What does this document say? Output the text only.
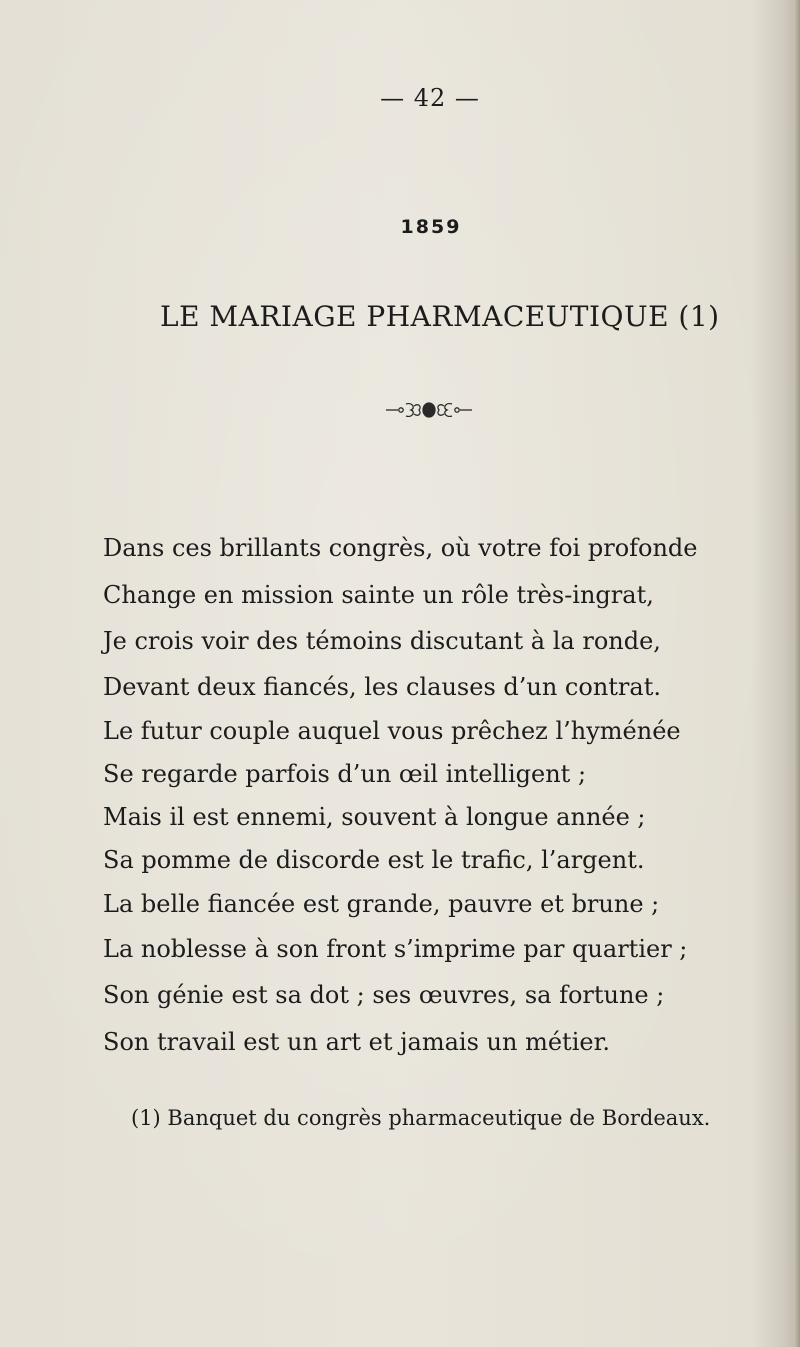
— 42 —
1859
LE MARIAGE PHARMACEUTIQUE (1)
Dans ces brillants congrès, où votre foi profonde
Change en mission sainte un rôle très-ingrat,
Je crois voir des témoins discutant à la ronde,
Devant deux fiancés, les clauses d’un contrat.
Le futur couple auquel vous prêchez l’hyménée
Se regarde parfois d’un œil intelligent ;
Mais il est ennemi, souvent à longue année ;
Sa pomme de discorde est le trafic, l’argent.
La belle fiancée est grande, pauvre et brune ;
La noblesse à son front s’imprime par quartier ;
Son génie est sa dot ; ses œuvres, sa fortune ;
Son travail est un art et jamais un métier.
(1) Banquet du congrès pharmaceutique de Bordeaux.
